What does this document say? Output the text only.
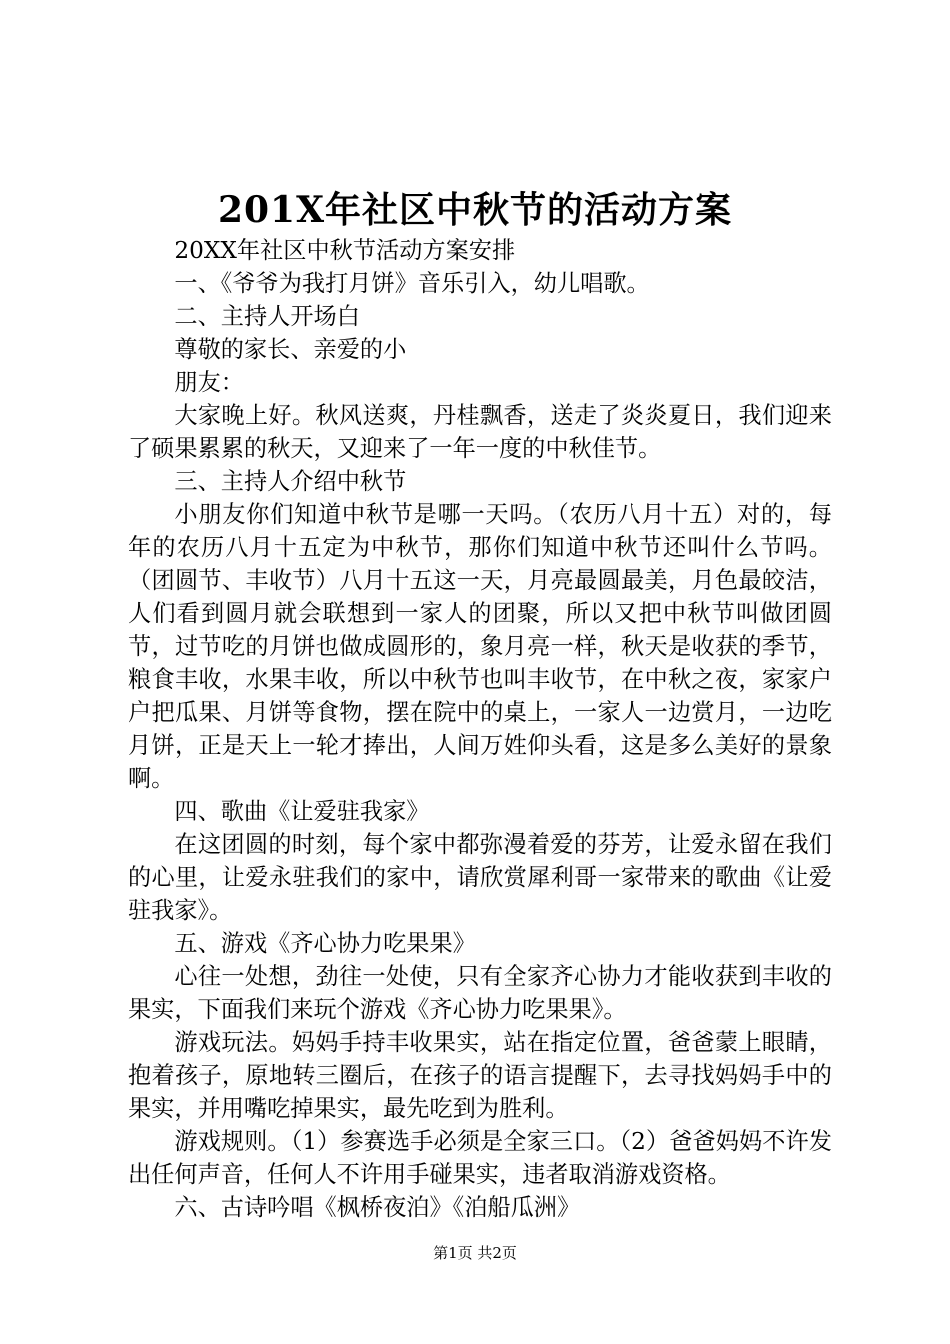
201X年社区中秋节的活动方案

20XX年社区中秋节活动方案安排

一、《爷爷为我打月饼》音乐引入，幼儿唱歌。

二、主持人开场白

尊敬的家长、亲爱的小

朋友：

大家晚上好。秋风送爽，丹桂飘香，送走了炎炎夏日，我们迎来了硕果累累的秋天，又迎来了一年一度的中秋佳节。

三、主持人介绍中秋节

小朋友你们知道中秋节是哪一天吗。（农历八月十五）对的，每年的农历八月十五定为中秋节，那你们知道中秋节还叫什么节吗。（团圆节、丰收节）八月十五这一天，月亮最圆最美，月色最皎洁，人们看到圆月就会联想到一家人的团聚，所以又把中秋节叫做团圆节，过节吃的月饼也做成圆形的，象月亮一样，秋天是收获的季节，粮食丰收，水果丰收，所以中秋节也叫丰收节，在中秋之夜，家家户户把瓜果、月饼等食物，摆在院中的桌上，一家人一边赏月，一边吃月饼，正是天上一轮才捧出，人间万姓仰头看，这是多么美好的景象啊。

四、歌曲《让爱驻我家》

在这团圆的时刻，每个家中都弥漫着爱的芬芳，让爱永留在我们的心里，让爱永驻我们的家中，请欣赏犀利哥一家带来的歌曲《让爱驻我家》。

五、游戏《齐心协力吃果果》

心往一处想，劲往一处使，只有全家齐心协力才能收获到丰收的果实，下面我们来玩个游戏《齐心协力吃果果》。

游戏玩法。妈妈手持丰收果实，站在指定位置，爸爸蒙上眼睛，抱着孩子，原地转三圈后，在孩子的语言提醒下，去寻找妈妈手中的果实，并用嘴吃掉果实，最先吃到为胜利。

游戏规则。（1）参赛选手必须是全家三口。（2）爸爸妈妈不许发出任何声音，任何人不许用手碰果实，违者取消游戏资格。

六、古诗吟唱《枫桥夜泊》《泊船瓜洲》

第1页 共2页
